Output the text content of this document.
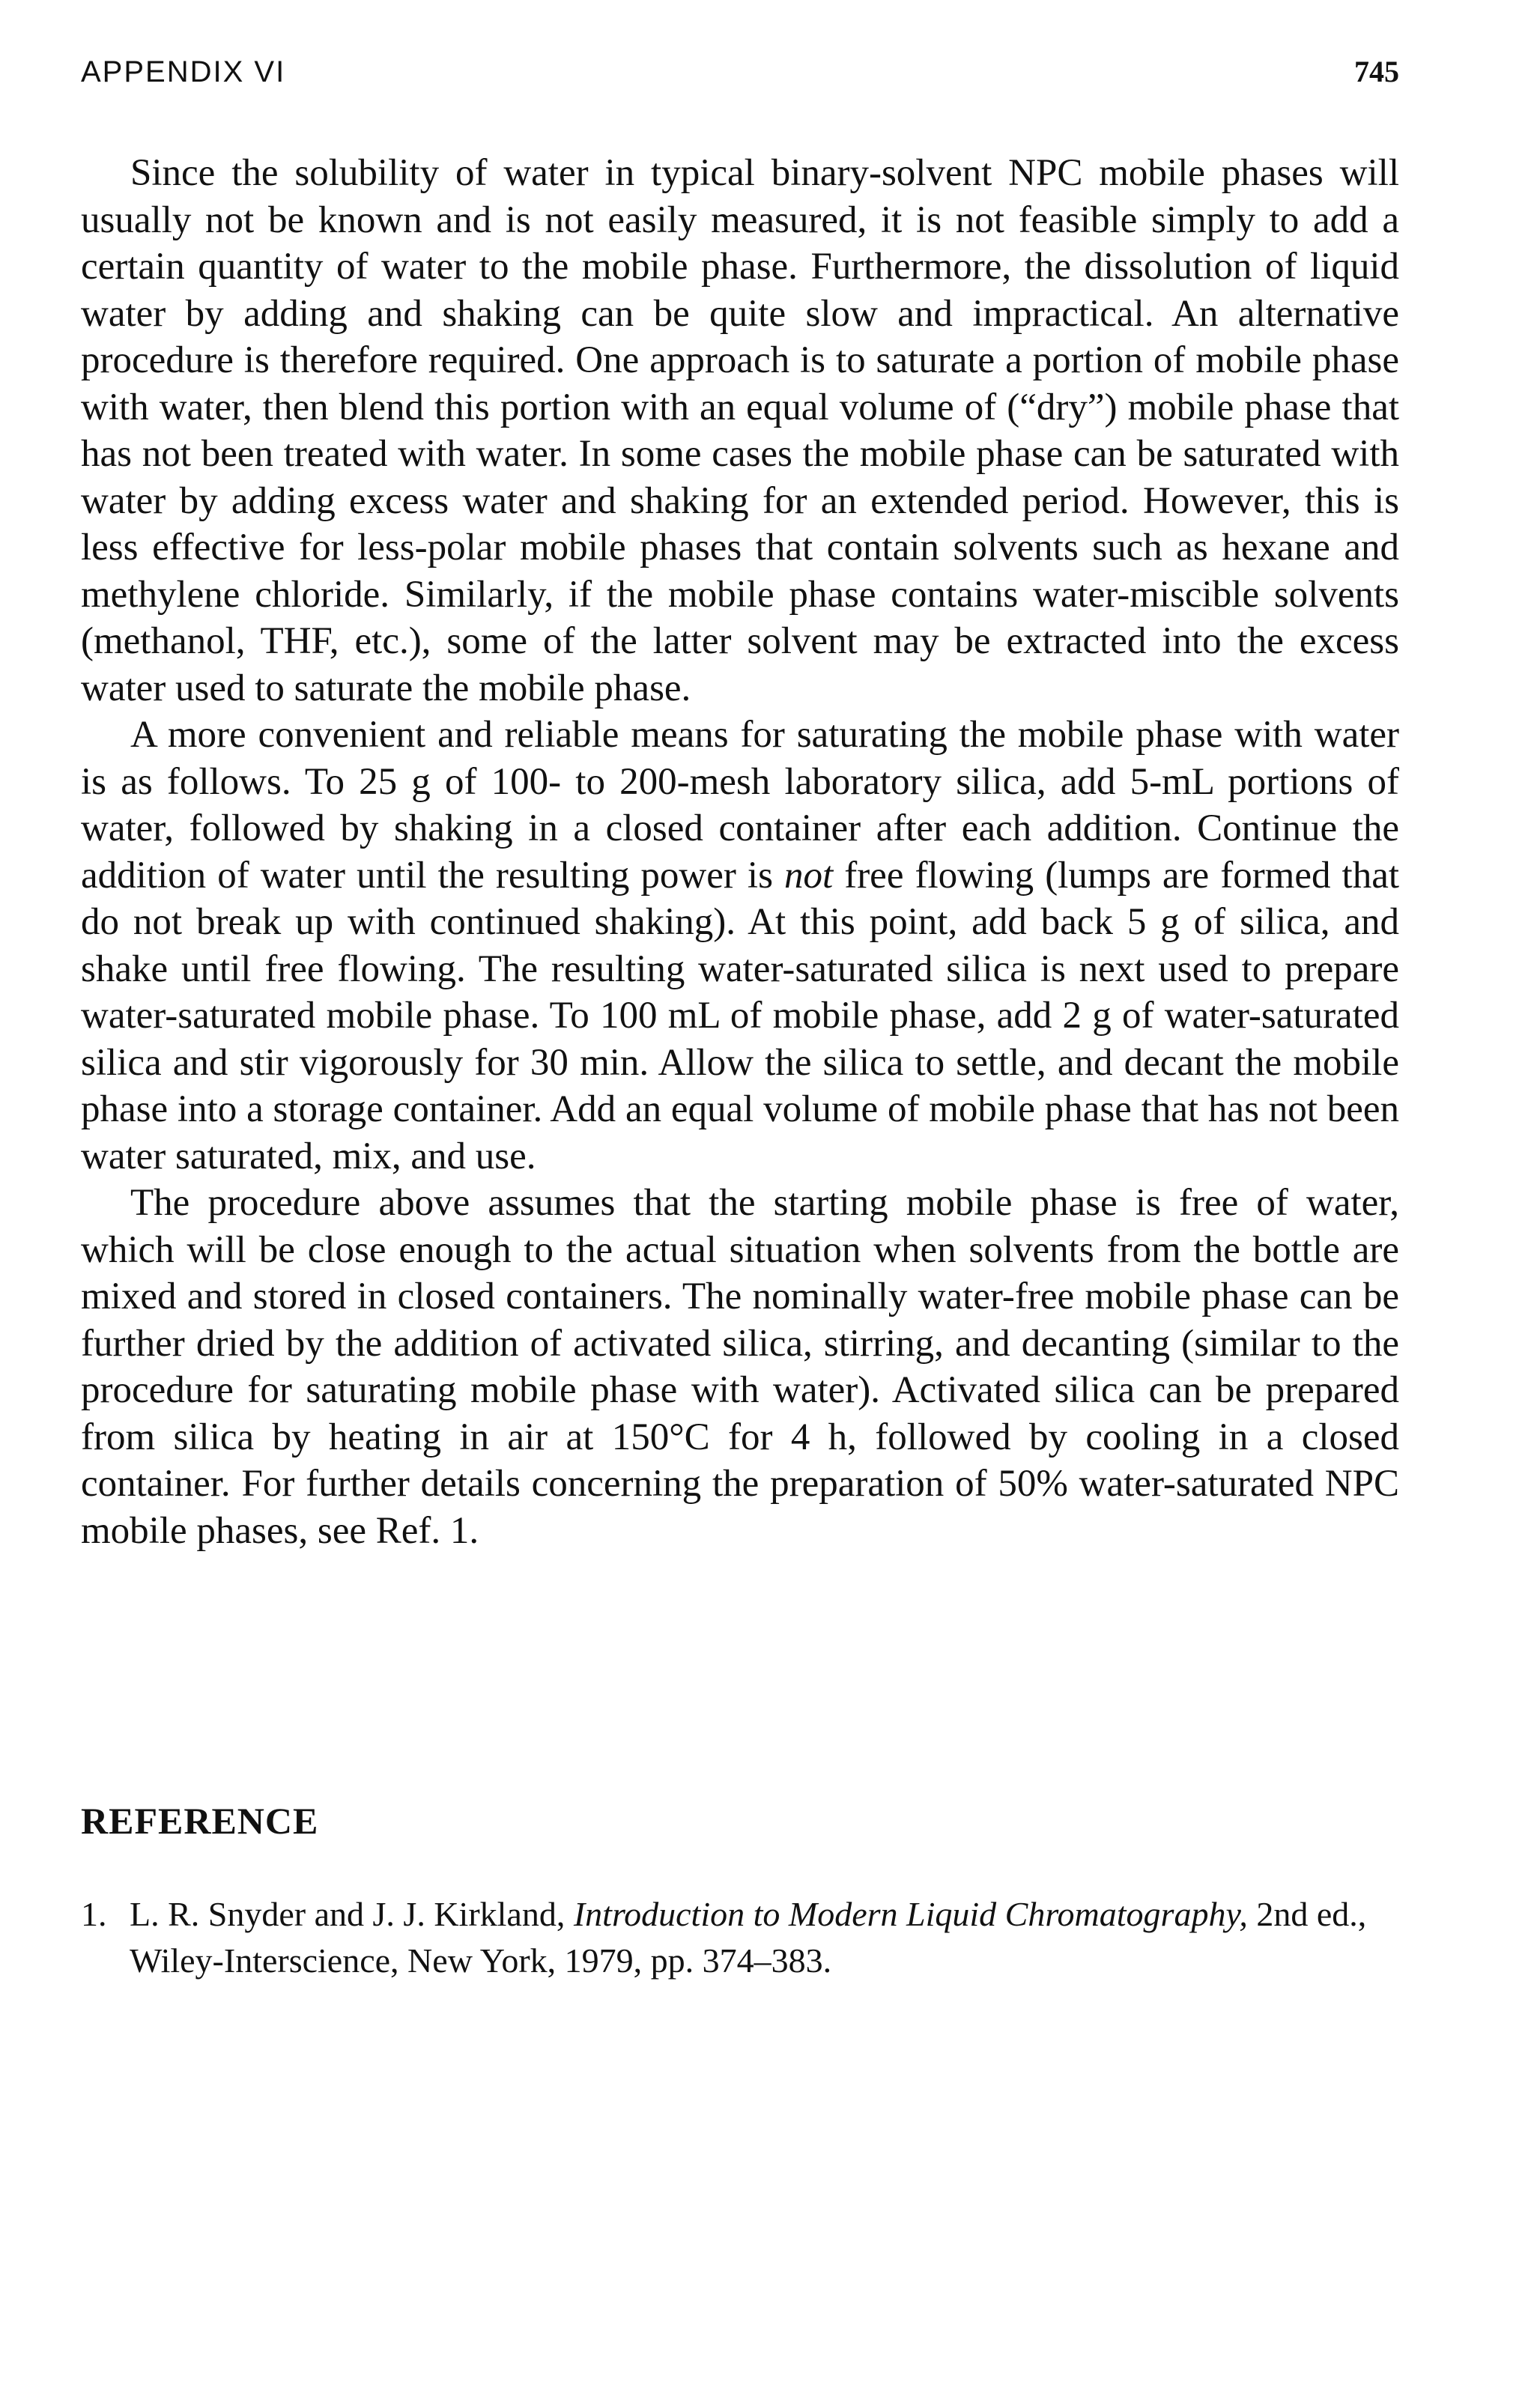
APPENDIX VI	745

Since the solubility of water in typical binary-solvent NPC mobile phases will usually not be known and is not easily measured, it is not feasible simply to add a certain quantity of water to the mobile phase. Furthermore, the dissolution of liquid water by adding and shaking can be quite slow and impractical. An alternative procedure is therefore required. One approach is to saturate a portion of mobile phase with water, then blend this portion with an equal volume of (“dry”) mobile phase that has not been treated with water. In some cases the mobile phase can be saturated with water by adding excess water and shaking for an extended period. However, this is less effective for less-polar mobile phases that contain solvents such as hexane and methylene chloride. Similarly, if the mobile phase contains water-miscible solvents (methanol, THF, etc.), some of the latter solvent may be extracted into the excess water used to saturate the mobile phase.

A more convenient and reliable means for saturating the mobile phase with water is as follows. To 25 g of 100- to 200-mesh laboratory silica, add 5-mL portions of water, followed by shaking in a closed container after each addition. Continue the addition of water until the resulting power is not free flowing (lumps are formed that do not break up with continued shaking). At this point, add back 5 g of silica, and shake until free flowing. The resulting water-saturated silica is next used to prepare water-saturated mobile phase. To 100 mL of mobile phase, add 2 g of water-saturated silica and stir vigorously for 30 min. Allow the silica to settle, and decant the mobile phase into a storage container. Add an equal volume of mobile phase that has not been water saturated, mix, and use.

The procedure above assumes that the starting mobile phase is free of water, which will be close enough to the actual situation when solvents from the bottle are mixed and stored in closed containers. The nominally water-free mobile phase can be further dried by the addition of activated silica, stirring, and decanting (similar to the procedure for saturating mobile phase with water). Activated silica can be prepared from silica by heating in air at 150°C for 4 h, followed by cooling in a closed container. For further details concerning the preparation of 50% water-saturated NPC mobile phases, see Ref. 1.

REFERENCE
1. L. R. Snyder and J. J. Kirkland, Introduction to Modern Liquid Chromatography, 2nd ed., Wiley-Interscience, New York, 1979, pp. 374–383.
